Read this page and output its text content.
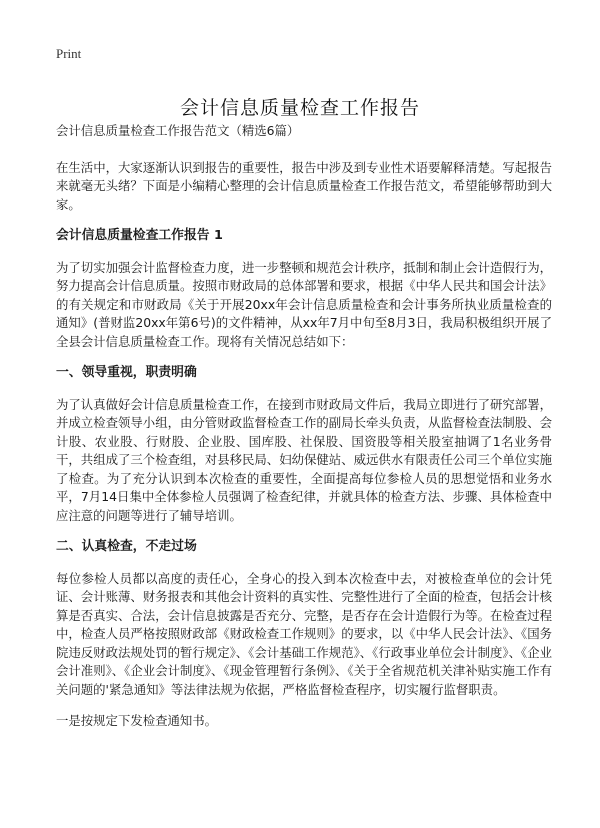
Print
会计信息质量检查工作报告

会计信息质量检查工作报告范文（精选6篇）

在生活中，大家逐渐认识到报告的重要性，报告中涉及到专业性术语要解释清楚。写起报告来就毫无头绪？下面是小编精心整理的会计信息质量检查工作报告范文，希望能够帮助到大家。

会计信息质量检查工作报告 1

为了切实加强会计监督检查力度，进一步整顿和规范会计秩序，抵制和制止会计造假行为，努力提高会计信息质量。按照市财政局的总体部署和要求，根据《中华人民共和国会计法》的有关规定和市财政局《关于开展20xx年会计信息质量检查和会计事务所执业质量检查的通知》(普财监20xx年第6号)的文件精神，从xx年7月中旬至8月3日，我局积极组织开展了全县会计信息质量检查工作。现将有关情况总结如下：

一、领导重视，职责明确

为了认真做好会计信息质量检查工作，在接到市财政局文件后，我局立即进行了研究部署，并成立检查领导小组，由分管财政监督检查工作的副局长牵头负责，从监督检查法制股、会计股、农业股、行财股、企业股、国库股、社保股、国资股等相关股室抽调了1名业务骨干，共组成了三个检查组，对县移民局、妇幼保健站、威远供水有限责任公司三个单位实施了检查。为了充分认识到本次检查的重要性，全面提高每位参检人员的思想觉悟和业务水平，7月14日集中全体参检人员强调了检查纪律，并就具体的检查方法、步骤、具体检查中应注意的问题等进行了辅导培训。

二、认真检查，不走过场

每位参检人员都以高度的责任心，全身心的投入到本次检查中去，对被检查单位的会计凭证、会计账薄、财务报表和其他会计资料的真实性、完整性进行了全面的检查，包括会计核算是否真实、合法，会计信息披露是否充分、完整，是否存在会计造假行为等。在检查过程中，检查人员严格按照财政部《财政检查工作规则》的要求，以《中华人民会计法》、《国务院违反财政法规处罚的暂行规定》、《会计基础工作规范》、《行政事业单位会计制度》、《企业会计准则》、《企业会计制度》、《现金管理暂行条例》、《关于全省规范机关津补贴实施工作有关问题的'紧急通知》等法律法规为依据，严格监督检查程序，切实履行监督职责。

一是按规定下发检查通知书。
